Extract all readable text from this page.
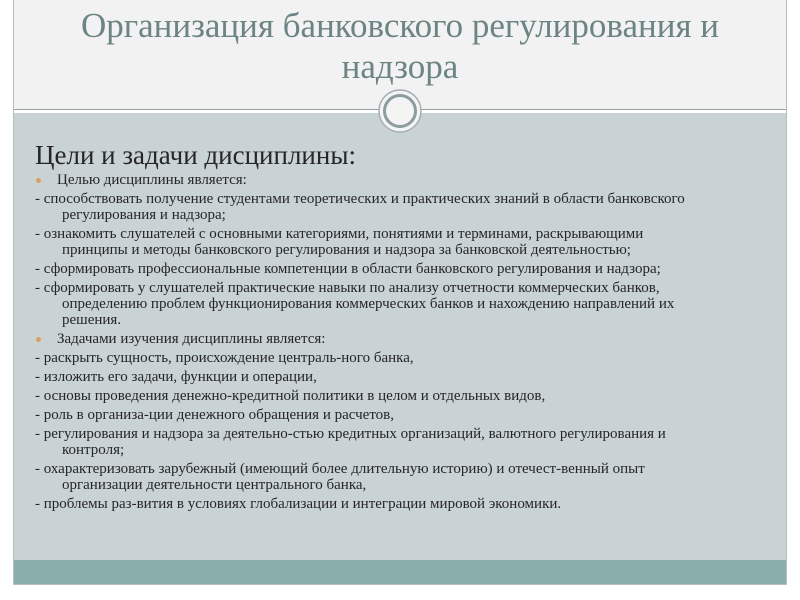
Организация банковского регулирования и
надзора
Цели и задачи дисциплины:
Целью дисциплины является:
- способствовать получение студентами теоретических и практических знаний в области банковского
регулирования и надзора;
- ознакомить слушателей с основными категориями, понятиями и терминами, раскрывающими
принципы и методы банковского регулирования и надзора за банковской деятельностью;
- сформировать профессиональные компетенции в области банковского регулирования и надзора;
- сформировать у слушателей практические навыки по анализу отчетности коммерческих банков,
определению проблем функционирования коммерческих банков и нахождению направлений их
решения.
Задачами изучения дисциплины является:
- раскрыть сущность, происхождение централь-ного банка,
- изложить его задачи, функции и операции,
- основы проведения денежно-кредитной политики в целом и отдельных видов,
- роль в организа-ции денежного обращения и расчетов,
- регулирования и надзора за деятельно-стью кредитных организаций, валютного регулирования и
контроля;
- охарактеризовать зарубежный (имеющий более длительную историю) и отечест-венный опыт
организации деятельности центрального банка,
- проблемы раз-вития в условиях глобализации и интеграции мировой экономики.
